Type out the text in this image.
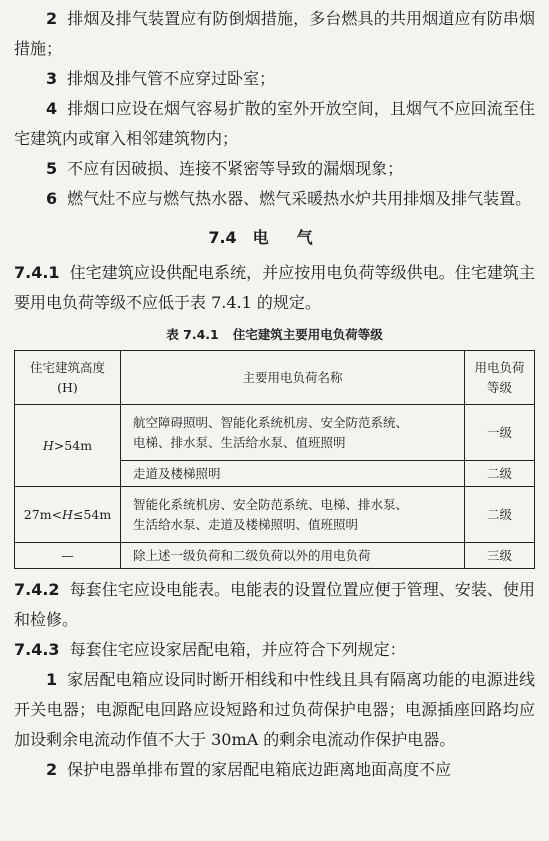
2 排烟及排气装置应有防倒烟措施，多台燃具的共用烟道应有防串烟措施；

3 排烟及排气管不应穿过卧室；

4 排烟口应设在烟气容易扩散的室外开放空间，且烟气不应回流至住宅建筑内或窜入相邻建筑物内；

5 不应有因破损、连接不紧密等导致的漏烟现象；

6 燃气灶不应与燃气热水器、燃气采暖热水炉共用排烟及排气装置。

7.4 电气

7.4.1 住宅建筑应设供配电系统，并应按用电负荷等级供电。住宅建筑主要用电负荷等级不应低于表 7.4.1 的规定。

表 7.4.1 住宅建筑主要用电负荷等级
住宅建筑高度
(H)	主要用电负荷名称	用电负荷
等级
H>54m	航空障碍照明、智能化系统机房、安全防范系统、
电梯、排水泵、生活给水泵、值班照明	一级
	走道及楼梯照明	二级
27m<H≤54m	智能化系统机房、安全防范系统、电梯、排水泵、
生活给水泵、走道及楼梯照明、值班照明	二级
—	除上述一级负荷和二级负荷以外的用电负荷	三级

7.4.2 每套住宅应设电能表。电能表的设置位置应便于管理、安装、使用和检修。

7.4.3 每套住宅应设家居配电箱，并应符合下列规定：

1 家居配电箱应设同时断开相线和中性线且具有隔离功能的电源进线开关电器；电源配电回路应设短路和过负荷保护电器；电源插座回路均应加设剩余电流动作值不大于 30mA 的剩余电流动作保护电器。

2 保护电器单排布置的家居配电箱底边距离地面高度不应
